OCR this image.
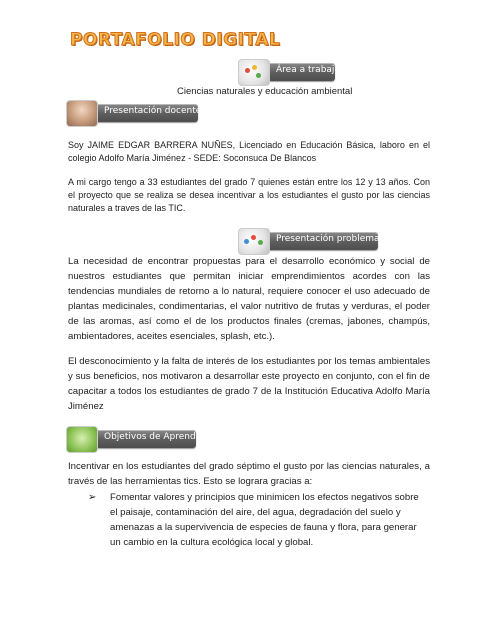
PORTAFOLIO DIGITAL
Área a trabajar
Ciencias naturales y educación ambiental
Presentación docente/estudiante
Soy JAIME EDGAR BARRERA NUÑES, Licenciado en Educación Básica, laboro en el colegio Adolfo María Jiménez - SEDE: Soconsuca De Blancos
A mi cargo tengo a 33 estudiantes del grado 7 quienes están entre los 12 y 13 años. Con el proyecto que se realiza se desea incentivar a los estudiantes el gusto por las ciencias naturales a traves de las TIC.
Presentación problema
La necesidad de encontrar propuestas para el desarrollo económico y social de nuestros estudiantes que permitan iniciar emprendimientos acordes con las tendencias mundiales de retorno a lo natural, requiere conocer el uso adecuado de plantas medicinales, condimentarias, el valor nutritivo de frutas y verduras, el poder de las aromas, así como el de los productos finales (cremas, jabones, champús, ambientadores, aceites esenciales, splash, etc.).
El desconocimiento y la falta de interés de los estudiantes por los temas ambientales y sus beneficios, nos motivaron a desarrollar este proyecto en conjunto, con el fin de capacitar a todos los estudiantes de grado 7 de la Institución Educativa Adolfo María Jiménez
Objetivos de Aprendizaje
Incentivar en los estudiantes del grado séptimo el gusto por las ciencias naturales, a través de las herramientas tics. Esto se lograra gracias a:
➢ Fomentar valores y principios que minimicen los efectos negativos sobre el paisaje, contaminación del aire, del agua, degradación del suelo y amenazas a la supervivencia de especies de fauna y flora, para generar un cambio en la cultura ecológica local y global.
